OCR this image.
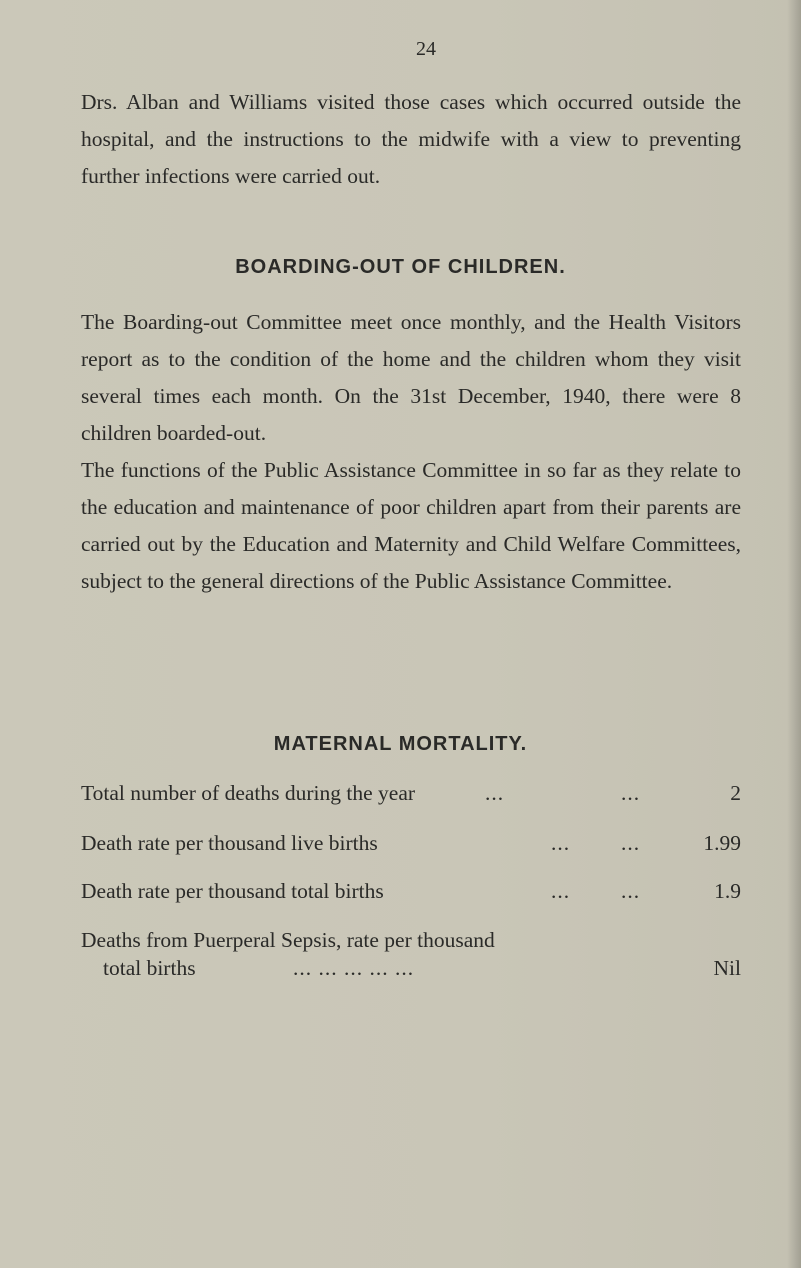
24

Drs. Alban and Williams visited those cases which occurred outside the hospital, and the instructions to the midwife with a view to preventing further infections were carried out.

BOARDING-OUT OF CHILDREN.

The Boarding-out Committee meet once monthly, and the Health Visitors report as to the condition of the home and the children whom they visit several times each month. On the 31st December, 1940, there were 8 children boarded-out.

The functions of the Public Assistance Committee in so far as they relate to the education and maintenance of poor children apart from their parents are carried out by the Education and Maternity and Child Welfare Committees, subject to the general directions of the Public Assistance Committee.

MATERNAL MORTALITY.
Total number of deaths during the year	...	...	2
Death rate per thousand live births	... ...	1.99
Death rate per thousand total births	... ...	1.9
Deaths from Puerperal Sepsis, rate per thousand
total births	... ... ... ... ...	Nil
